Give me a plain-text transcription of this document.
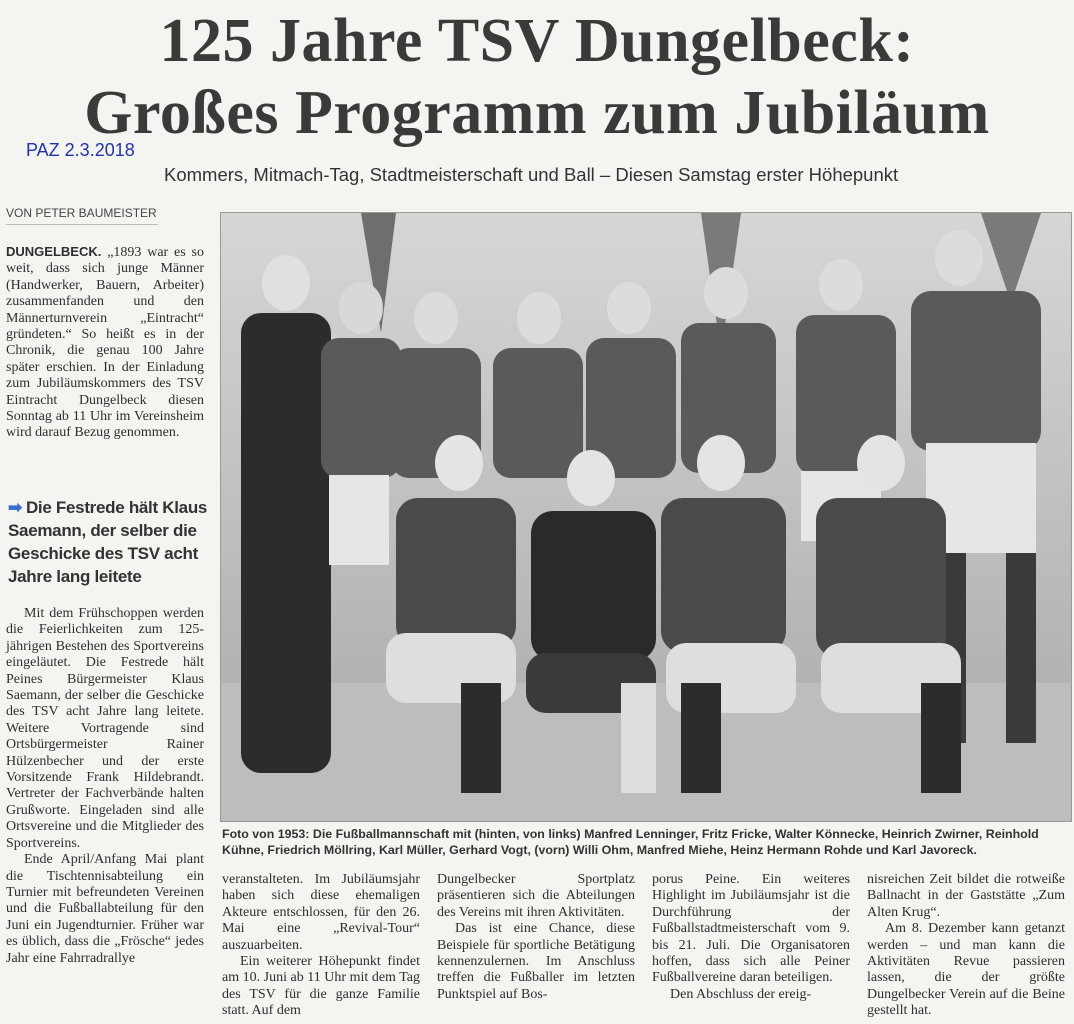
125 Jahre TSV Dungelbeck:
Großes Programm zum Jubiläum
PAZ 2.3.2018
Kommers, Mitmach-Tag, Stadtmeisterschaft und Ball – Diesen Samstag erster Höhepunkt
VON PETER BAUMEISTER

DUNGELBECK. „1893 war es so weit, dass sich junge Männer (Handwerker, Bauern, Arbeiter) zusammenfanden und den Männerturnverein „Eintracht“ gründeten.“ So heißt es in der Chronik, die genau 100 Jahre später erschien. In der Einladung zum Jubiläumskommers des TSV Eintracht Dungelbeck diesen Sonntag ab 11 Uhr im Vereinsheim wird darauf Bezug genommen.

➡ Die Festrede hält Klaus Saemann, der selber die Geschicke des TSV acht Jahre lang leitete

Mit dem Frühschoppen werden die Feierlichkeiten zum 125-jährigen Bestehen des Sportvereins eingeläutet. Die Festrede hält Peines Bürgermeister Klaus Saemann, der selber die Geschicke des TSV acht Jahre lang leitete. Weitere Vortragende sind Ortsbürgermeister Rainer Hülzenbecher und der erste Vorsitzende Frank Hildebrandt. Vertreter der Fachverbände halten Grußworte. Eingeladen sind alle Ortsvereine und die Mitglieder des Sportvereins.

Ende April/Anfang Mai plant die Tischtennisabteilung ein Turnier mit befreundeten Vereinen und die Fußballabteilung für den Juni ein Jugendturnier. Früher war es üblich, dass die „Frösche“ jedes Jahr eine Fahrradrallye

Foto von 1953: Die Fußballmannschaft mit (hinten, von links) Manfred Lenninger, Fritz Fricke, Walter Könnecke, Heinrich Zwirner, Reinhold Kühne, Friedrich Möllring, Karl Müller, Gerhard Vogt, (vorn) Willi Ohm, Manfred Miehe, Heinz Hermann Rohde und Karl Javoreck.

veranstalteten. Im Jubiläumsjahr haben sich diese ehemaligen Akteure entschlossen, für den 26. Mai eine „Revival-Tour“ auszuarbeiten.

Ein weiterer Höhepunkt findet am 10. Juni ab 11 Uhr mit dem Tag des TSV für die ganze Familie statt. Auf dem

Dungelbecker Sportplatz präsentieren sich die Abteilungen des Vereins mit ihren Aktivitäten.

Das ist eine Chance, diese Beispiele für sportliche Betätigung kennenzulernen. Im Anschluss treffen die Fußballer im letzten Punktspiel auf Bos-

porus Peine. Ein weiteres Highlight im Jubiläumsjahr ist die Durchführung der Fußballstadtmeisterschaft vom 9. bis 21. Juli. Die Organisatoren hoffen, dass sich alle Peiner Fußballvereine daran beteiligen.

Den Abschluss der ereig-

nisreichen Zeit bildet die rotweiße Ballnacht in der Gaststätte „Zum Alten Krug“.

Am 8. Dezember kann getanzt werden – und man kann die Aktivitäten Revue passieren lassen, die der größte Dungelbecker Verein auf die Beine gestellt hat.
